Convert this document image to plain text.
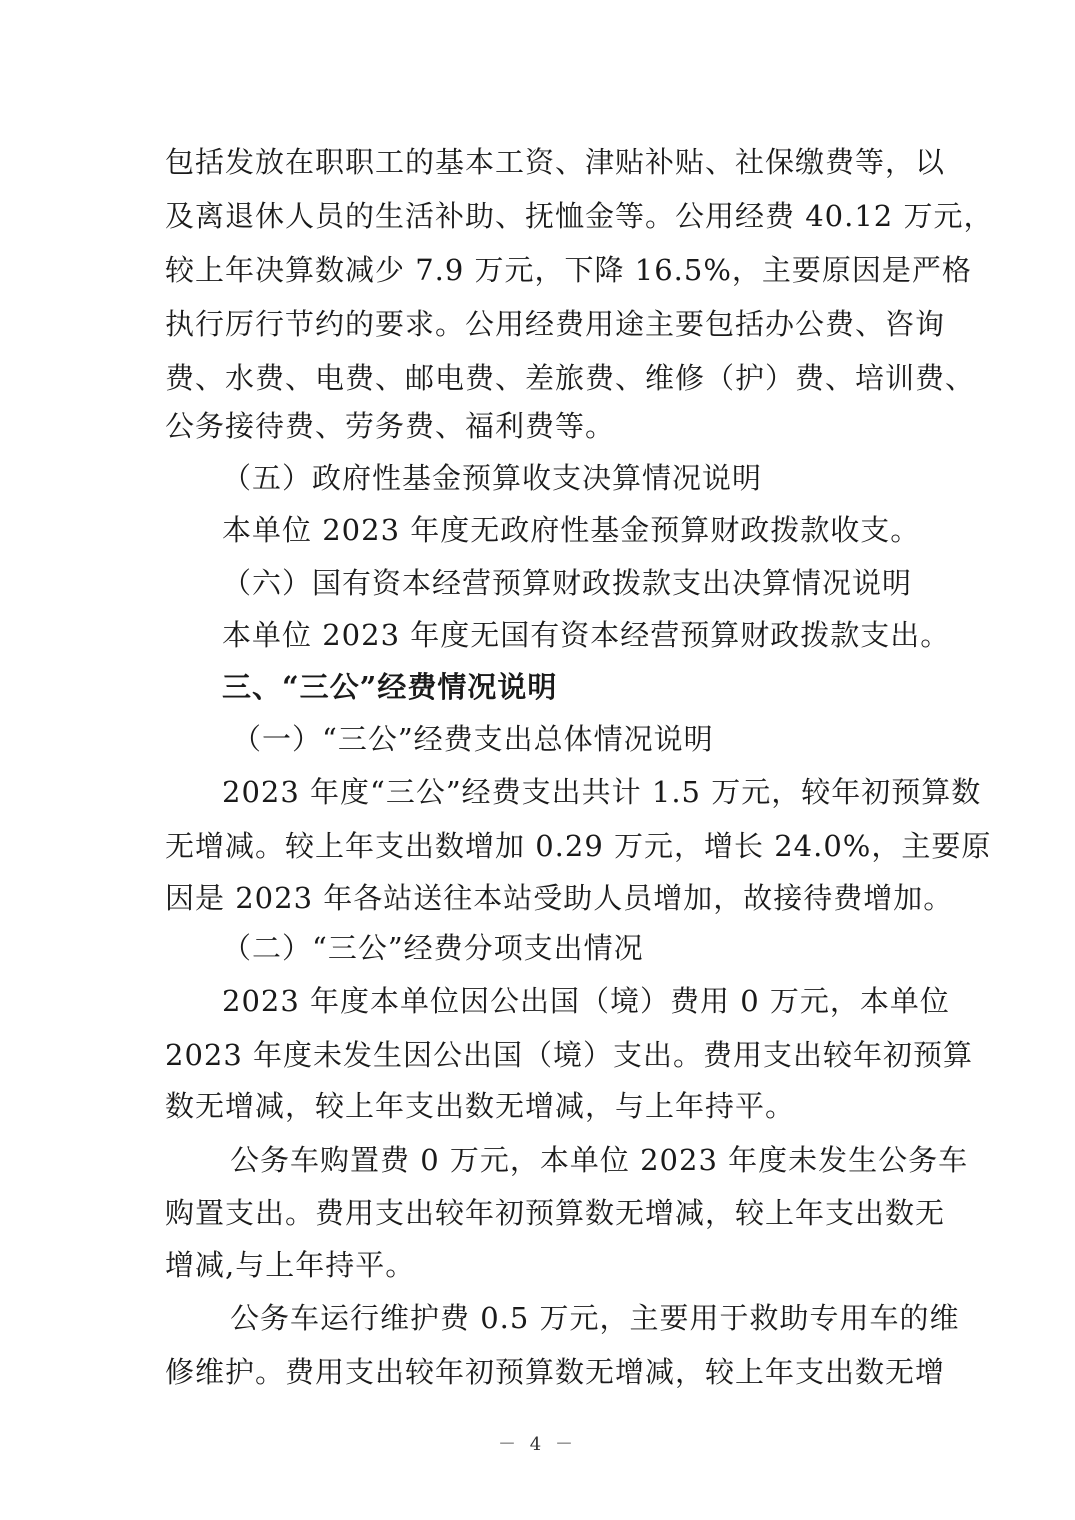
包括发放在职职工的基本工资、津贴补贴、社保缴费等，以
及离退休人员的生活补助、抚恤金等。公用经费 40.12 万元，
较上年决算数减少 7.9 万元，下降 16.5%，主要原因是严格
执行厉行节约的要求。公用经费用途主要包括办公费、咨询
费、水费、电费、邮电费、差旅费、维修（护）费、培训费、
公务接待费、劳务费、福利费等。
（五）政府性基金预算收支决算情况说明
本单位 2023 年度无政府性基金预算财政拨款收支。
（六）国有资本经营预算财政拨款支出决算情况说明
本单位 2023 年度无国有资本经营预算财政拨款支出。
三、“三公”经费情况说明
（一）“三公”经费支出总体情况说明
2023 年度“三公”经费支出共计 1.5 万元，较年初预算数
无增减。较上年支出数增加 0.29 万元，增长 24.0%，主要原
因是 2023 年各站送往本站受助人员增加，故接待费增加。
（二）“三公”经费分项支出情况
2023 年度本单位因公出国（境）费用 0 万元，本单位
2023 年度未发生因公出国（境）支出。费用支出较年初预算
数无增减，较上年支出数无增减，与上年持平。
公务车购置费 0 万元，本单位 2023 年度未发生公务车
购置支出。费用支出较年初预算数无增减，较上年支出数无
增减,与上年持平。
公务车运行维护费 0.5 万元，主要用于救助专用车的维
修维护。费用支出较年初预算数无增减，较上年支出数无增
－ 4 －
